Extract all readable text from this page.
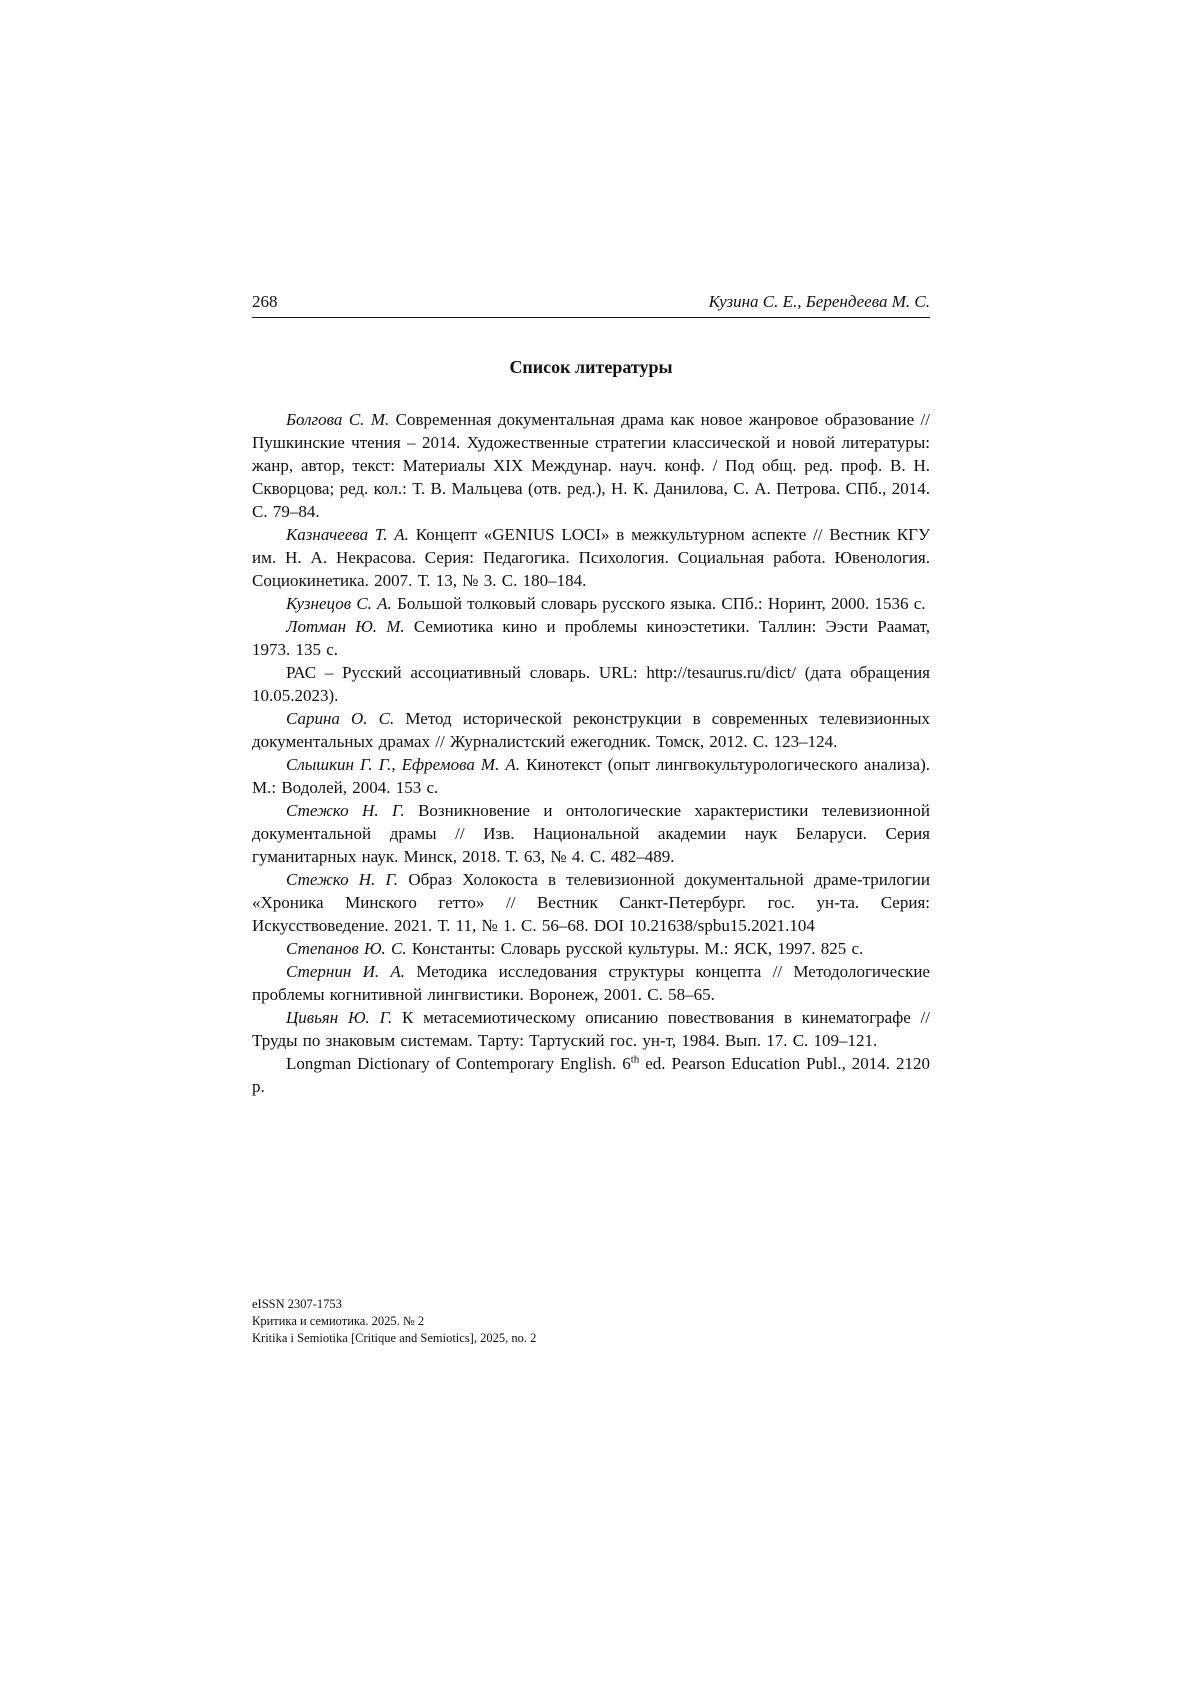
268	Кузина С. Е., Берендеева М. С.
Список литературы

Болгова С. М. Современная документальная драма как новое жанровое образование // Пушкинские чтения – 2014. Художественные стратегии классической и новой литературы: жанр, автор, текст: Материалы XIX Междунар. науч. конф. / Под общ. ред. проф. В. Н. Скворцова; ред. кол.: Т. В. Мальцева (отв. ред.), Н. К. Данилова, С. А. Петрова. СПб., 2014. С. 79–84.

Казначеева Т. А. Концепт «GENIUS LOCI» в межкультурном аспекте // Вестник КГУ им. Н. А. Некрасова. Серия: Педагогика. Психология. Социальная работа. Ювенология. Социокинетика. 2007. Т. 13, № 3. С. 180–184.

Кузнецов С. А. Большой толковый словарь русского языка. СПб.: Норинт, 2000. 1536 с.

Лотман Ю. М. Семиотика кино и проблемы киноэстетики. Таллин: Ээсти Раамат, 1973. 135 с.

РАС – Русский ассоциативный словарь. URL: http://tesaurus.ru/dict/ (дата обращения 10.05.2023).

Сарина О. С. Метод исторической реконструкции в современных телевизионных документальных драмах // Журналистский ежегодник. Томск, 2012. С. 123–124.

Слышкин Г. Г., Ефремова М. А. Кинотекст (опыт лингвокультурологического анализа). М.: Водолей, 2004. 153 с.

Стежко Н. Г. Возникновение и онтологические характеристики телевизионной документальной драмы // Изв. Национальной академии наук Беларуси. Серия гуманитарных наук. Минск, 2018. Т. 63, № 4. С. 482–489.

Стежко Н. Г. Образ Холокоста в телевизионной документальной драме-трилогии «Хроника Минского гетто» // Вестник Санкт-Петербург. гос. ун-та. Серия: Искусствоведение. 2021. Т. 11, № 1. С. 56–68. DOI 10.21638/spbu15.2021.104

Степанов Ю. С. Константы: Словарь русской культуры. М.: ЯСК, 1997. 825 с.

Стернин И. А. Методика исследования структуры концепта // Методологические проблемы когнитивной лингвистики. Воронеж, 2001. С. 58–65.

Цивьян Ю. Г. К метасемиотическому описанию повествования в кинематографе // Труды по знаковым системам. Тарту: Тартуский гос. ун-т, 1984. Вып. 17. С. 109–121.

Longman Dictionary of Contemporary English. 6th ed. Pearson Education Publ., 2014. 2120 p.

eISSN 2307-1753
Критика и семиотика. 2025. № 2
Kritika i Semiotika [Critique and Semiotics], 2025, no. 2
